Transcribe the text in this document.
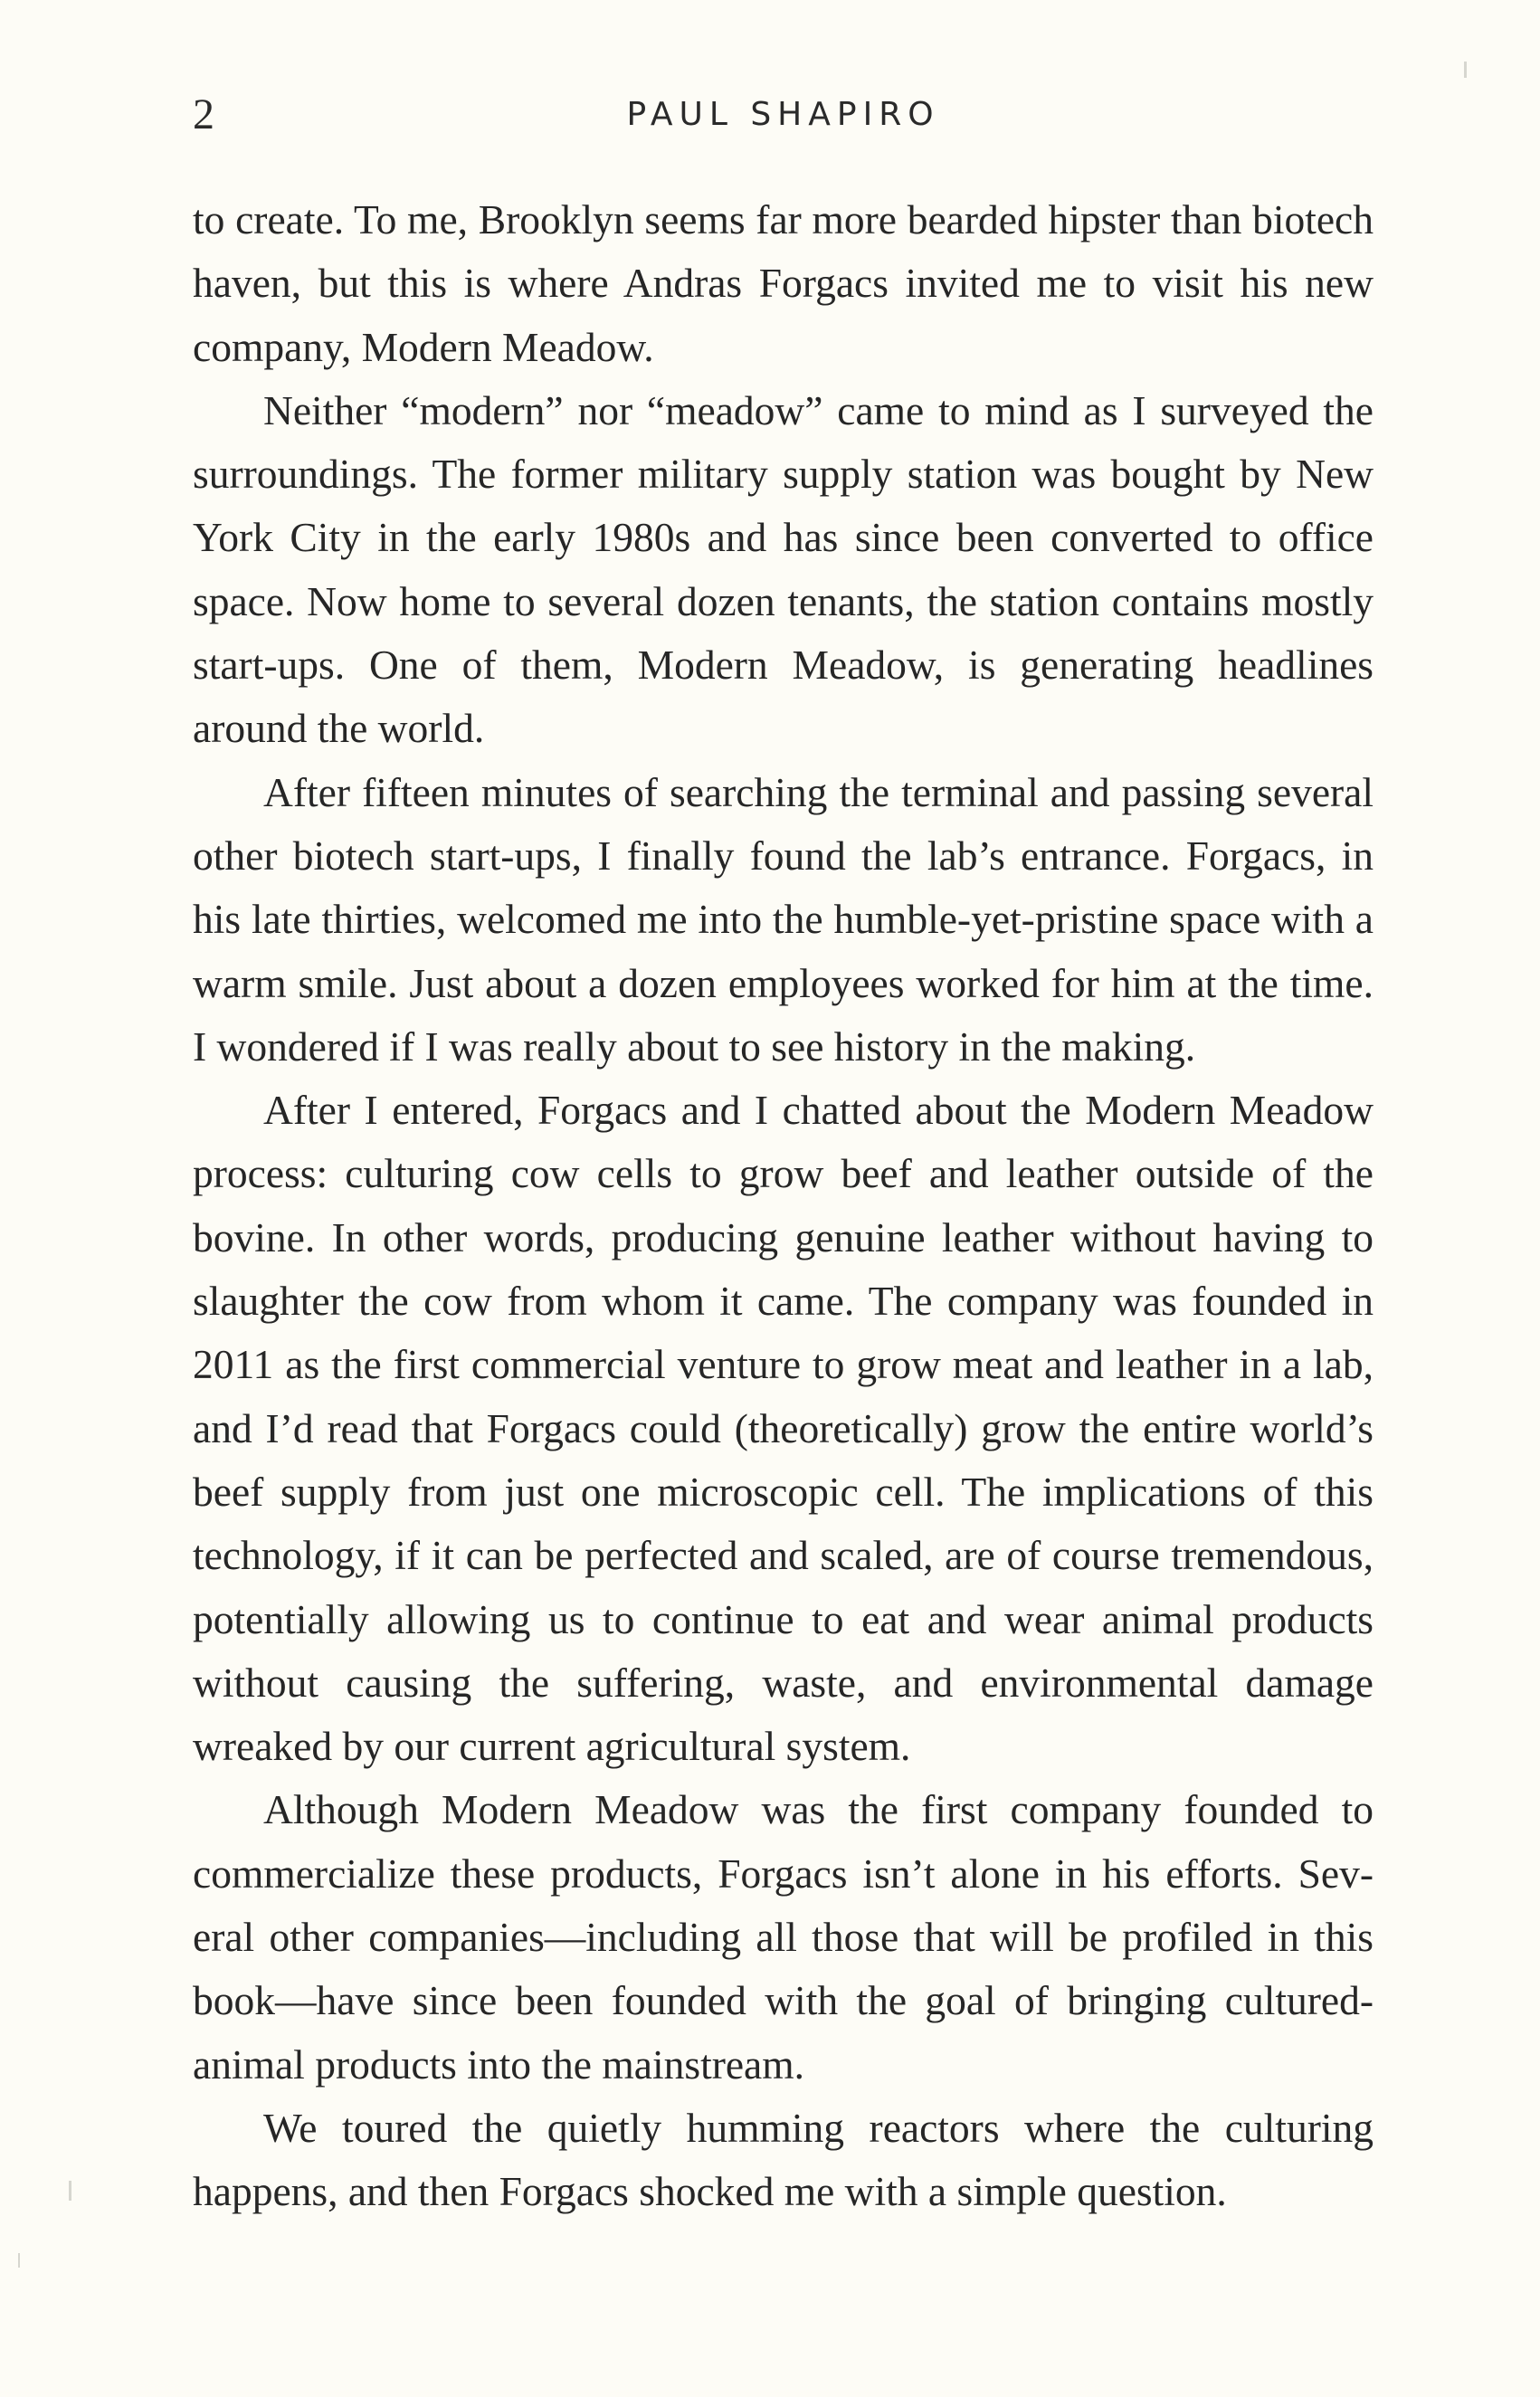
2	PAUL SHAPIRO

to create. To me, Brooklyn seems far more bearded hipster than biotech haven, but this is where Andras Forgacs invited me to visit his new company, Modern Meadow.

Neither “modern” nor “meadow” came to mind as I surveyed the surroundings. The former military supply station was bought by New York City in the early 1980s and has since been converted to office space. Now home to several dozen tenants, the station contains mostly start-ups. One of them, Modern Meadow, is generating headlines around the world.

After fifteen minutes of searching the terminal and passing several other biotech start-ups, I finally found the lab’s entrance. Forgacs, in his late thirties, welcomed me into the humble-yet-pristine space with a warm smile. Just about a dozen employees worked for him at the time. I wondered if I was really about to see history in the making.

After I entered, Forgacs and I chatted about the Modern Meadow process: culturing cow cells to grow beef and leather outside of the bovine. In other words, producing genuine leather without having to slaughter the cow from whom it came. The company was founded in 2011 as the first commercial venture to grow meat and leather in a lab, and I’d read that Forgacs could (theoretically) grow the entire world’s beef supply from just one microscopic cell. The implications of this technology, if it can be perfected and scaled, are of course tremendous, potentially allowing us to continue to eat and wear animal products without causing the suffering, waste, and environmental damage wreaked by our current agricultural system.

Although Modern Meadow was the first company founded to commercialize these products, Forgacs isn’t alone in his efforts. Several other companies—including all those that will be profiled in this book—have since been founded with the goal of bringing cultured-animal products into the mainstream.

We toured the quietly humming reactors where the culturing happens, and then Forgacs shocked me with a simple question.
